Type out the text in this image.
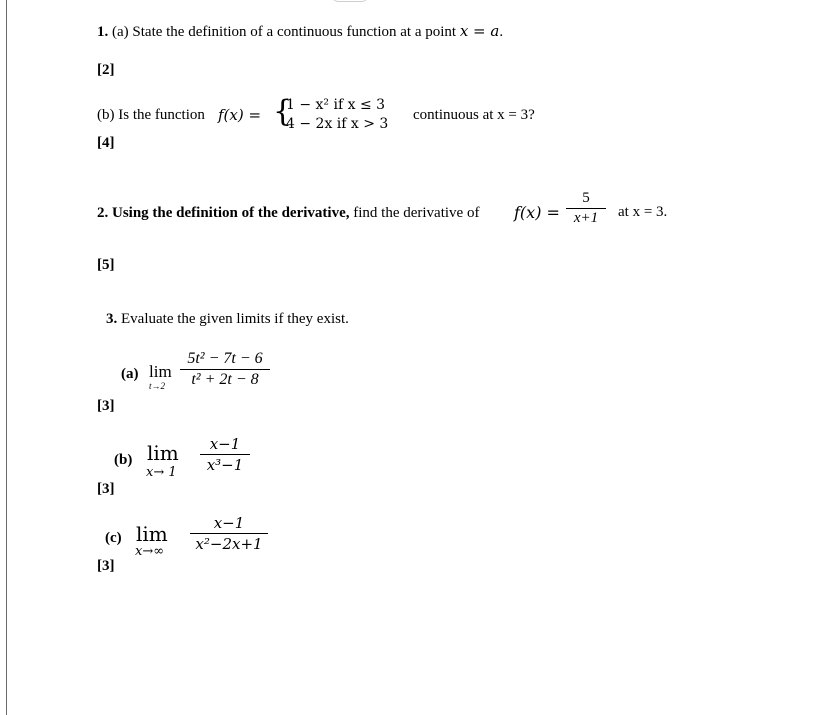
1. (a) State the definition of a continuous function at a point x = a.
[2]
(b) Is the function f(x) = {
1 − x² if x ≤ 3
4 − 2x if x > 3
continuous at x = 3?
[4]
2. Using the definition of the derivative, find the derivative of f(x) =
5
x+1	at x = 3.
[5]
3. Evaluate the given limits if they exist.
(a) lim
t→2
5t² − 7t − 6
t² + 2t − 8
[3]
(b) lim
x→ 1
x−1
x³−1
[3]
(c) lim
x→∞
x−1
x²−2x+1
[3]
